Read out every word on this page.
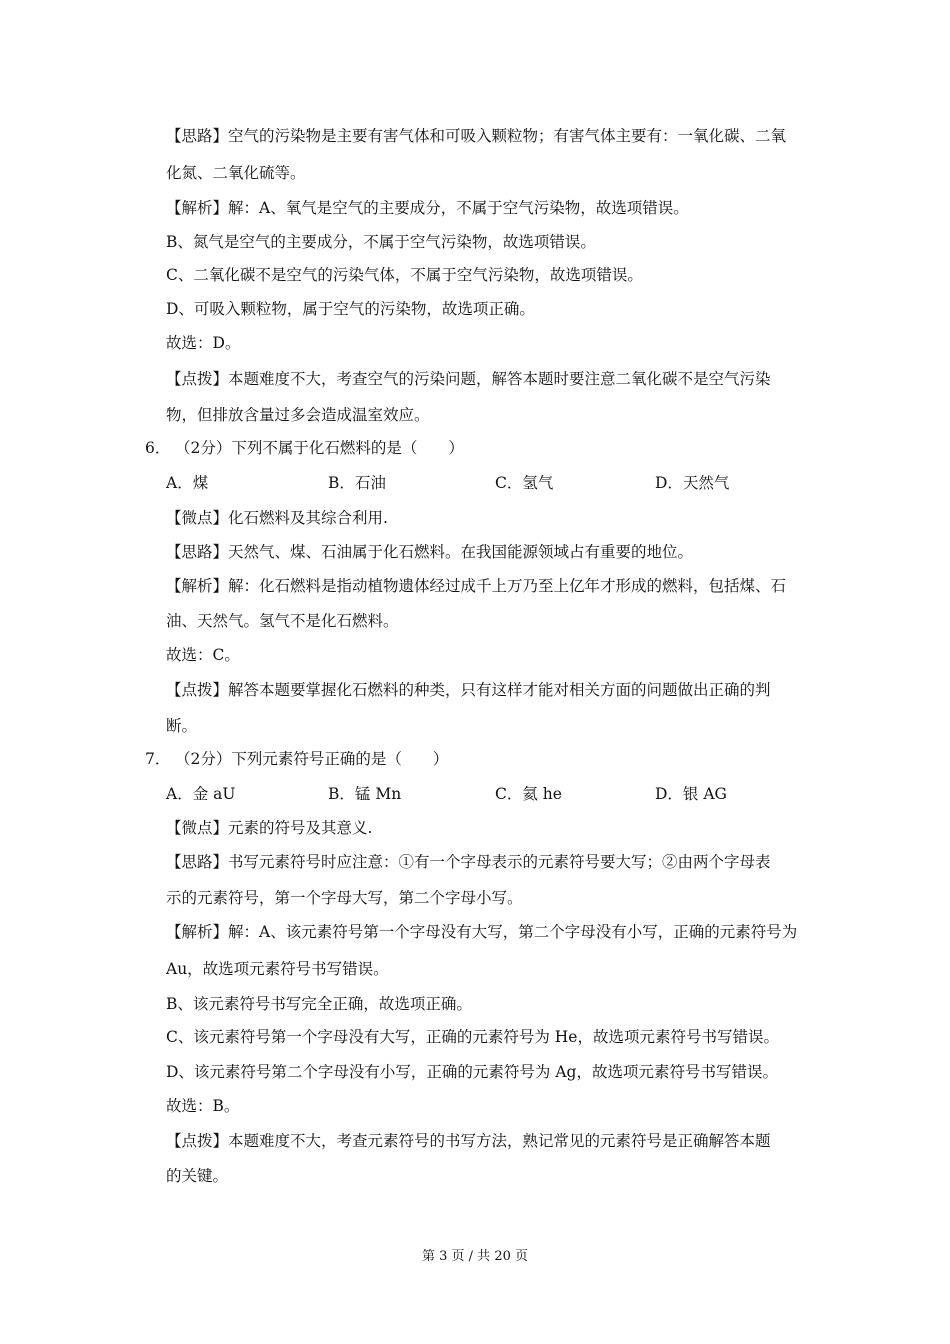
【思路】空气的污染物是主要有害气体和可吸入颗粒物；有害气体主要有：一氧化碳、二氧
化氮、二氧化硫等。
【解析】解：A、氧气是空气的主要成分，不属于空气污染物，故选项错误。
B、氮气是空气的主要成分，不属于空气污染物，故选项错误。
C、二氧化碳不是空气的污染气体，不属于空气污染物，故选项错误。
D、可吸入颗粒物，属于空气的污染物，故选项正确。
故选：D。
【点拨】本题难度不大，考查空气的污染问题，解答本题时要注意二氧化碳不是空气污染
物，但排放含量过多会造成温室效应。
6． （2分）下列不属于化石燃料的是（　　）
A．煤	B．石油	C．氢气	D．天然气
【微点】化石燃料及其综合利用.
【思路】天然气、煤、石油属于化石燃料。在我国能源领域占有重要的地位。
【解析】解：化石燃料是指动植物遗体经过成千上万乃至上亿年才形成的燃料，包括煤、石
油、天然气。氢气不是化石燃料。
故选：C。
【点拨】解答本题要掌握化石燃料的种类，只有这样才能对相关方面的问题做出正确的判
断。
7． （2分）下列元素符号正确的是（　　）
A．金 aU	B．锰 Mn	C．氦 he	D．银 AG
【微点】元素的符号及其意义.
【思路】书写元素符号时应注意：①有一个字母表示的元素符号要大写；②由两个字母表
示的元素符号，第一个字母大写，第二个字母小写。
【解析】解：A、该元素符号第一个字母没有大写，第二个字母没有小写，正确的元素符号为
Au，故选项元素符号书写错误。
B、该元素符号书写完全正确，故选项正确。
C、该元素符号第一个字母没有大写，正确的元素符号为 He，故选项元素符号书写错误。
D、该元素符号第二个字母没有小写，正确的元素符号为 Ag，故选项元素符号书写错误。
故选：B。
【点拨】本题难度不大，考查元素符号的书写方法，熟记常见的元素符号是正确解答本题
的关键。
第 3 页 / 共 20 页
